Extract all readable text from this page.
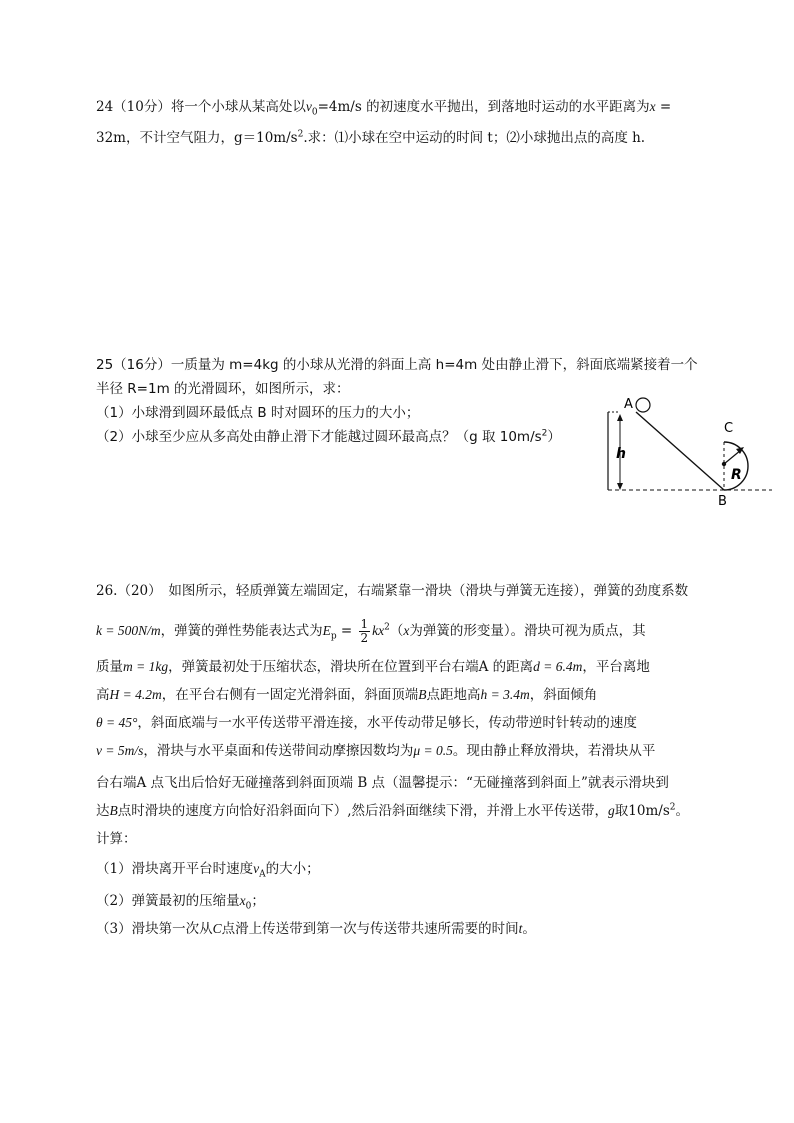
24（10分）将一个小球从某高处以$v_0=4m/s$ 的初速度水平抛出，到落地时运动的水平距离为x =
32m，不计空气阻力，$g=10m/s^2$.求：⑴小球在空中运动的时间 t；⑵小球抛出点的高度 h.
25（16分）一质量为 m=4kg 的小球从光滑的斜面上高 h=4m 处由静止滑下，斜面底端紧接着一个
半径 R=1m 的光滑圆环，如图所示，求：
（1）小球滑到圆环最低点 B 时对圆环的压力的大小；
（2）小球至少应从多高处由静止滑下才能越过圆环最高点？（g 取 $10m/s^2$）
h
A
R
C
B
26.（20）　如图所示，轻质弹簧左端固定，右端紧靠一滑块（滑块与弹簧无连接），弹簧的劲度系数
k = 500N/m，弹簧的弹性势能表达式为$E_p = \frac{1}{2} kx^2(x$为弹簧的形变量）。滑块可视为质点，其
质量m = 1kg，弹簧最初处于压缩状态，滑块所在位置到平台右端A 的距离d = 6.4m，平台离地
高H = 4.2m，在平台右侧有一固定光滑斜面，斜面顶端B点距地高h = 3.4m，斜面倾角
θ = 45°，斜面底端与一水平传送带平滑连接，水平传动带足够长，传动带逆时针转动的速度
v = 5m/s，滑块与水平桌面和传送带间动摩擦因数均为μ = 0.5。现由静止释放滑块，若滑块从平
台右端A 点飞出后恰好无碰撞落到斜面顶端 B 点（温馨提示：“无碰撞落到斜面上”就表示滑块到
达B点时滑块的速度方向恰好沿斜面向下）,然后沿斜面继续下滑，并滑上水平传送带，g取$10m/s^2$。
计算：
（1）滑块离开平台时速度$v_A$的大小；
（2）弹簧最初的压缩量$x_0$；
（3）滑块第一次从C点滑上传送带到第一次与传送带共速所需要的时间t。
